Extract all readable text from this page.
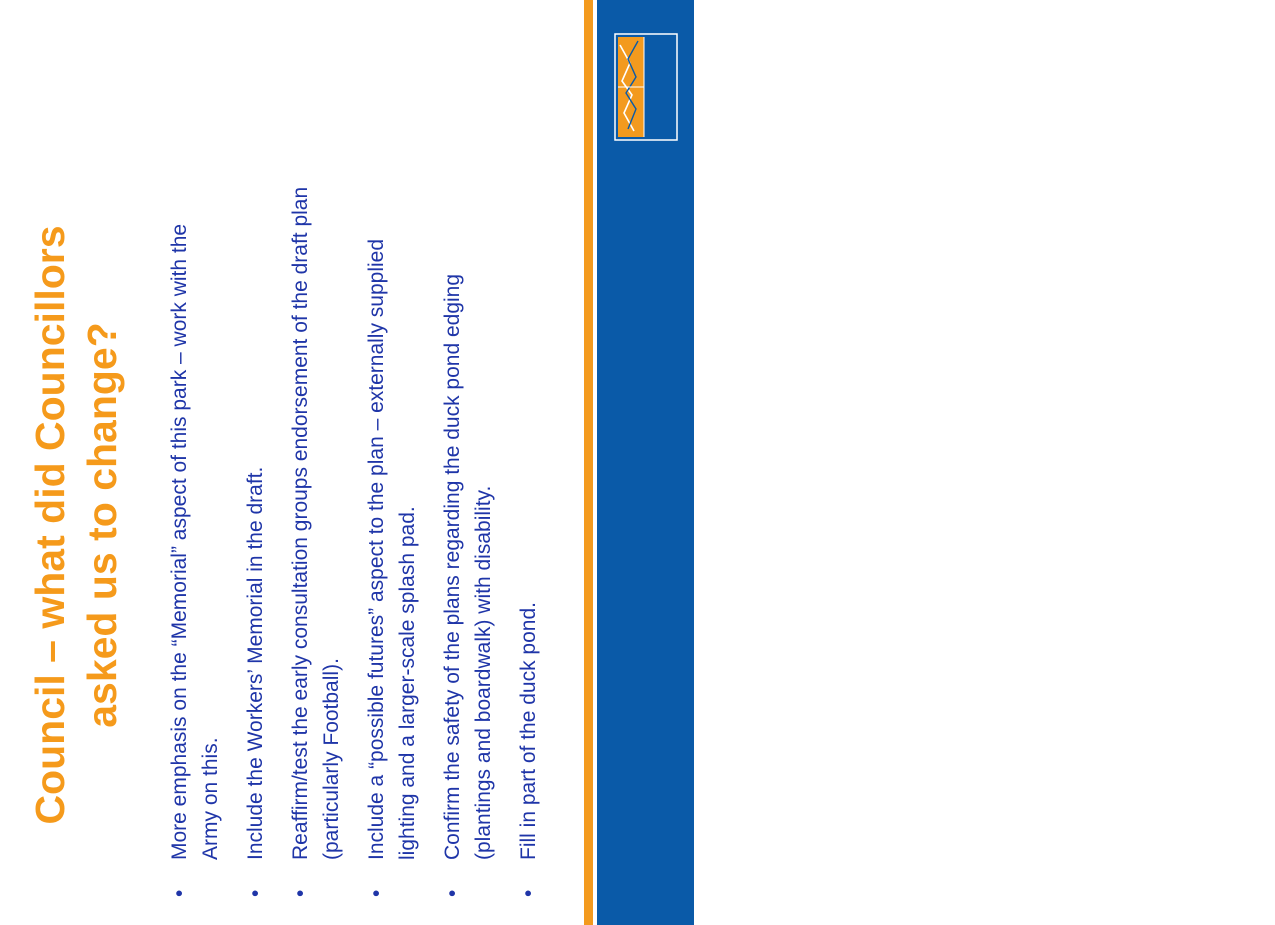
Council – what did Councillors asked us to change?
•
More emphasis on the “Memorial” aspect of this park – work with the Army on this.
•
Include the Workers’ Memorial in the draft.
•
Reaffirm/test the early consultation groups endorsement of the draft plan (particularly Football).
•
Include a “possible futures” aspect to the plan – externally supplied lighting and a larger-scale splash pad.
•
Confirm the safety of the plans regarding the duck pond edging (plantings and boardwalk) with disability.
•
Fill in part of the duck pond.
PALMERSTON NORTH
CITY COUNCIL
